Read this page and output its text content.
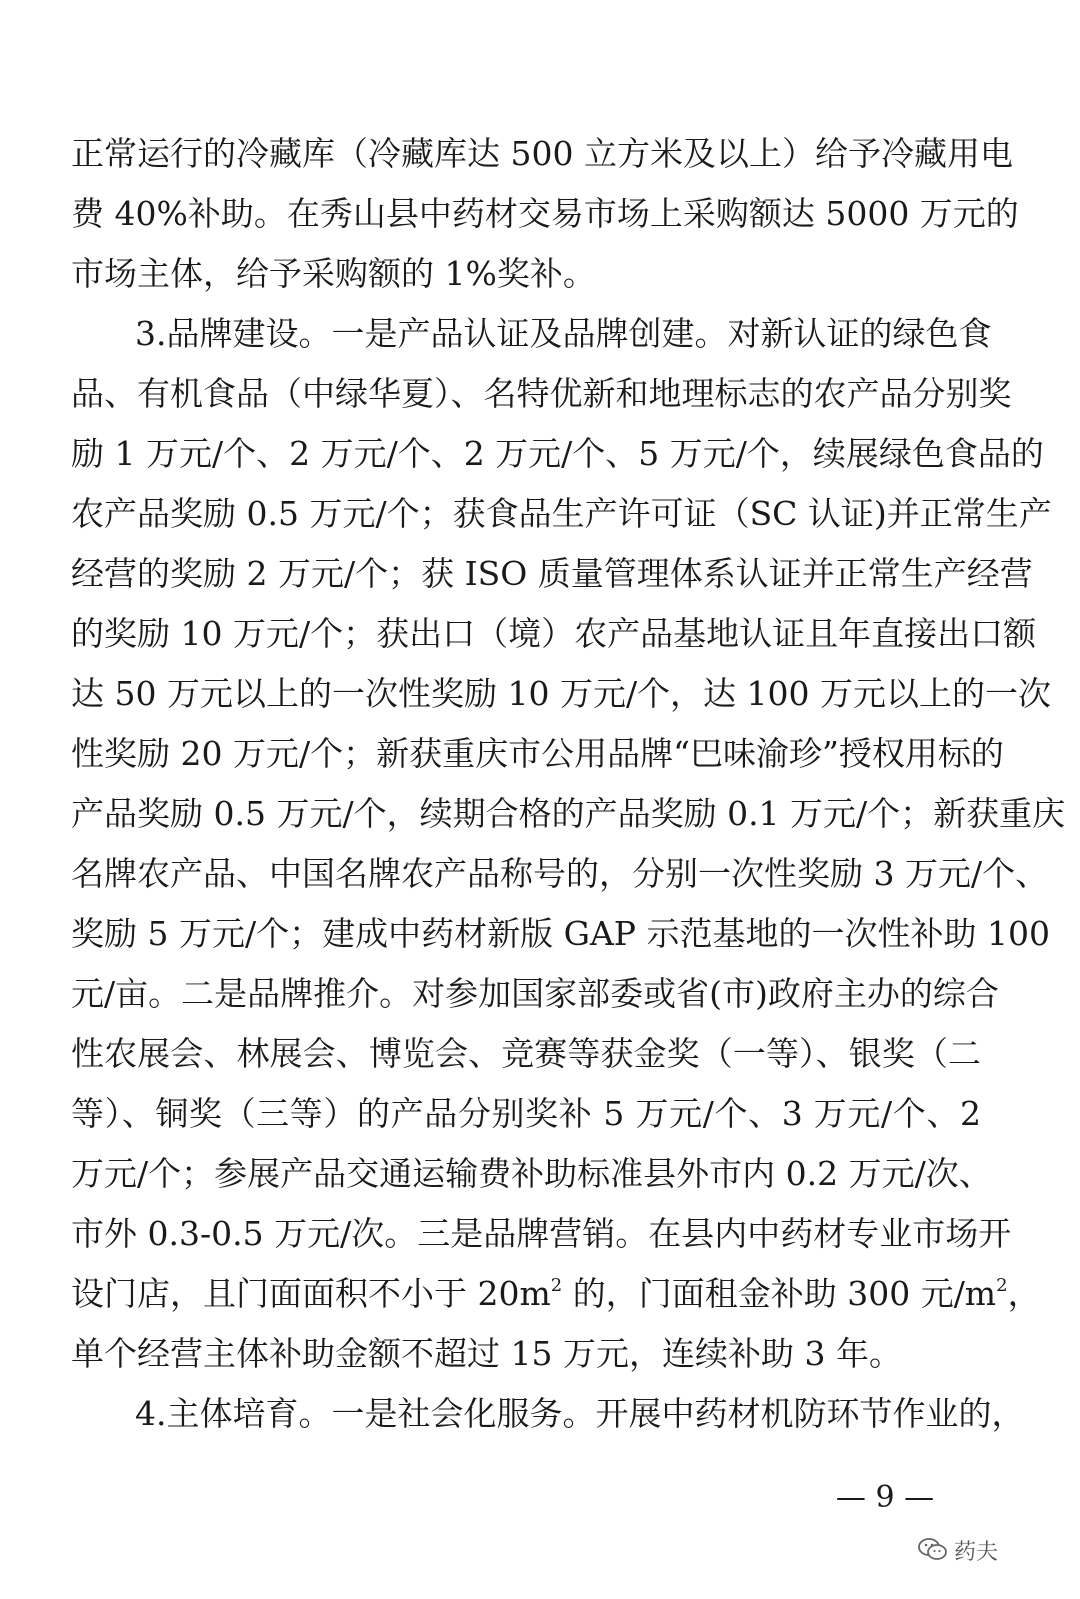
正常运行的冷藏库（冷藏库达 500 立方米及以上）给予冷藏用电
费 40%补助。在秀山县中药材交易市场上采购额达 5000 万元的
市场主体，给予采购额的 1%奖补。
3.品牌建设。一是产品认证及品牌创建。对新认证的绿色食
品、有机食品（中绿华夏）、名特优新和地理标志的农产品分别奖
励 1 万元/个、2 万元/个、2 万元/个、5 万元/个，续展绿色食品的
农产品奖励 0.5 万元/个；获食品生产许可证（SC 认证)并正常生产
经营的奖励 2 万元/个；获 ISO 质量管理体系认证并正常生产经营
的奖励 10 万元/个；获出口（境）农产品基地认证且年直接出口额
达 50 万元以上的一次性奖励 10 万元/个，达 100 万元以上的一次
性奖励 20 万元/个；新获重庆市公用品牌“巴味渝珍”授权用标的
产品奖励 0.5 万元/个，续期合格的产品奖励 0.1 万元/个；新获重庆
名牌农产品、中国名牌农产品称号的，分别一次性奖励 3 万元/个、
奖励 5 万元/个；建成中药材新版 GAP 示范基地的一次性补助 100
元/亩。二是品牌推介。对参加国家部委或省(市)政府主办的综合
性农展会、林展会、博览会、竞赛等获金奖（一等）、银奖（二
等）、铜奖（三等）的产品分别奖补 5 万元/个、3 万元/个、2
万元/个；参展产品交通运输费补助标准县外市内 0.2 万元/次、
市外 0.3-0.5 万元/次。三是品牌营销。在县内中药材专业市场开
设门店，且门面面积不小于 $20m^2$ 的，门面租金补助 300 元$/m^2$，
单个经营主体补助金额不超过 15 万元，连续补助 3 年。
4.主体培育。一是社会化服务。开展中药材机防环节作业的，
— 9 —
药夫
